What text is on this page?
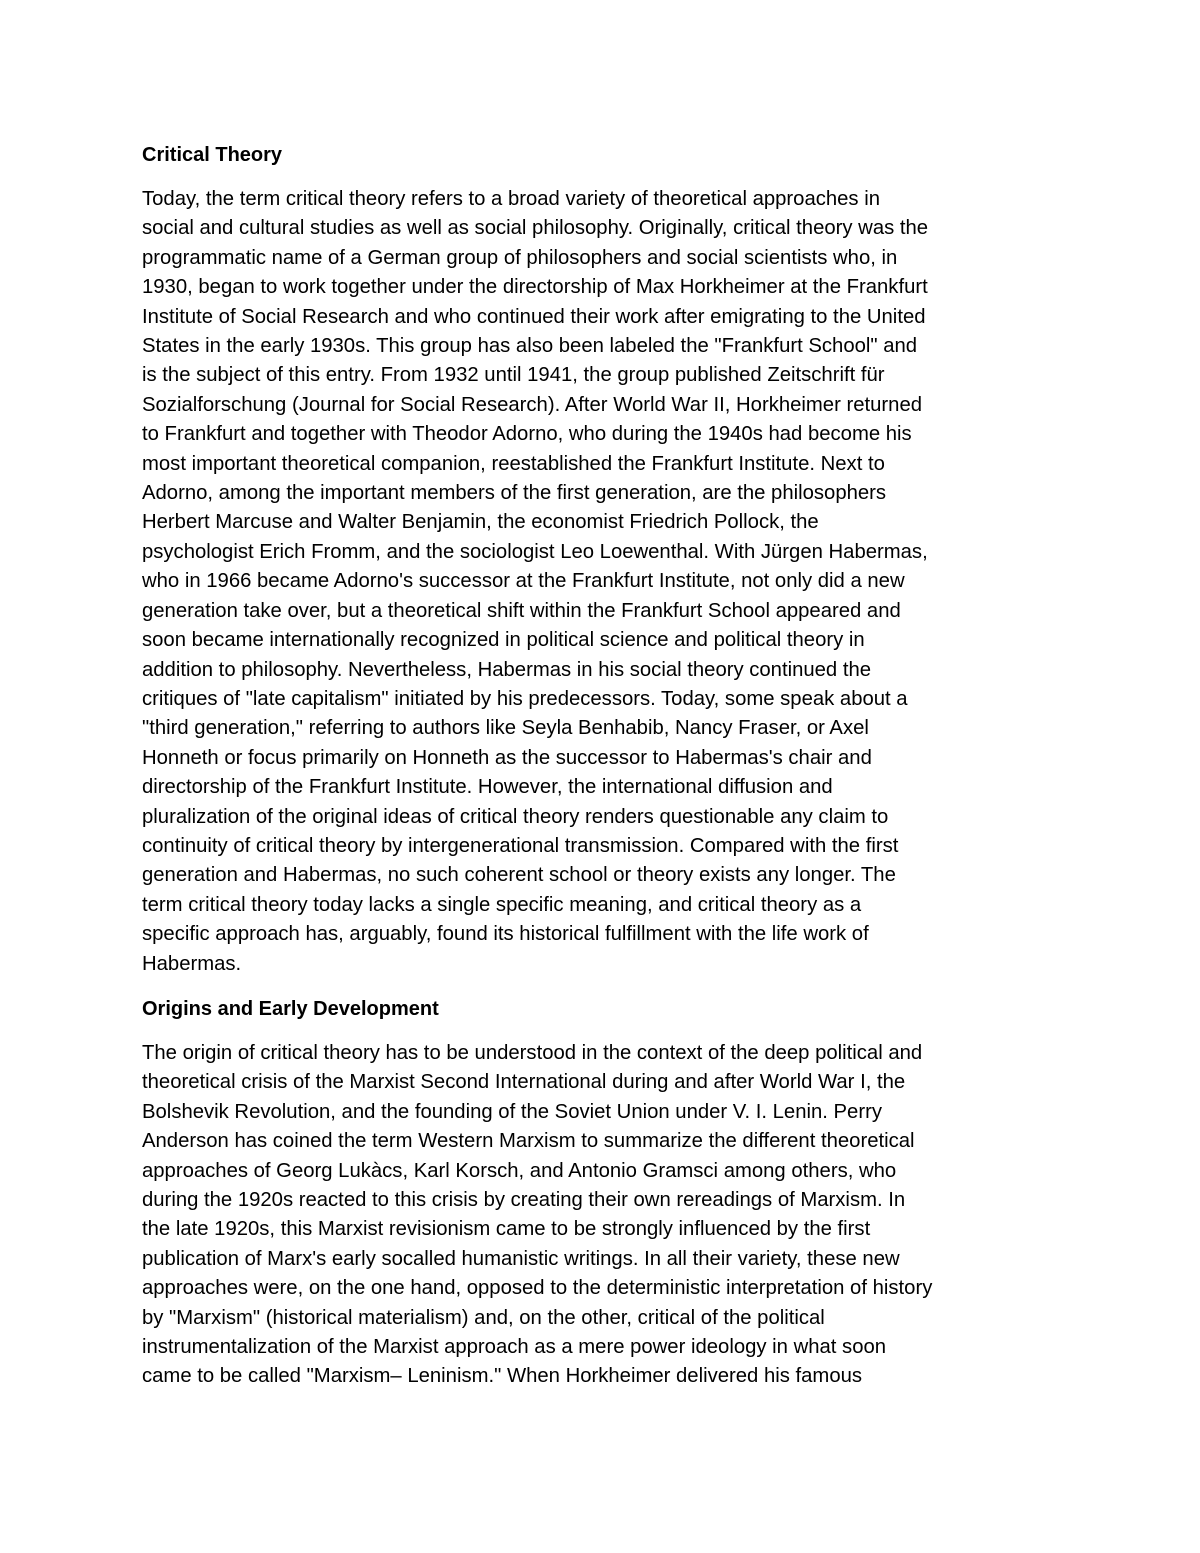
Critical Theory

Today, the term critical theory refers to a broad variety of theoretical approaches in
social and cultural studies as well as social philosophy. Originally, critical theory was the
programmatic name of a German group of philosophers and social scientists who, in
1930, began to work together under the directorship of Max Horkheimer at the Frankfurt
Institute of Social Research and who continued their work after emigrating to the United
States in the early 1930s. This group has also been labeled the "Frankfurt School" and
is the subject of this entry. From 1932 until 1941, the group published Zeitschrift für
Sozialforschung (Journal for Social Research). After World War II, Horkheimer returned
to Frankfurt and together with Theodor Adorno, who during the 1940s had become his
most important theoretical companion, reestablished the Frankfurt Institute. Next to
Adorno, among the important members of the first generation, are the philosophers
Herbert Marcuse and Walter Benjamin, the economist Friedrich Pollock, the
psychologist Erich Fromm, and the sociologist Leo Loewenthal. With Jürgen Habermas,
who in 1966 became Adorno's successor at the Frankfurt Institute, not only did a new
generation take over, but a theoretical shift within the Frankfurt School appeared and
soon became internationally recognized in political science and political theory in
addition to philosophy. Nevertheless, Habermas in his social theory continued the
critiques of "late capitalism" initiated by his predecessors. Today, some speak about a
"third generation," referring to authors like Seyla Benhabib, Nancy Fraser, or Axel
Honneth or focus primarily on Honneth as the successor to Habermas's chair and
directorship of the Frankfurt Institute. However, the international diffusion and
pluralization of the original ideas of critical theory renders questionable any claim to
continuity of critical theory by intergenerational transmission. Compared with the first
generation and Habermas, no such coherent school or theory exists any longer. The
term critical theory today lacks a single specific meaning, and critical theory as a
specific approach has, arguably, found its historical fulfillment with the life work of
Habermas.

Origins and Early Development

The origin of critical theory has to be understood in the context of the deep political and
theoretical crisis of the Marxist Second International during and after World War I, the
Bolshevik Revolution, and the founding of the Soviet Union under V. I. Lenin. Perry
Anderson has coined the term Western Marxism to summarize the different theoretical
approaches of Georg Lukàcs, Karl Korsch, and Antonio Gramsci among others, who
during the 1920s reacted to this crisis by creating their own rereadings of Marxism. In
the late 1920s, this Marxist revisionism came to be strongly influenced by the first
publication of Marx's early socalled humanistic writings. In all their variety, these new
approaches were, on the one hand, opposed to the deterministic interpretation of history
by "Marxism" (historical materialism) and, on the other, critical of the political
instrumentalization of the Marxist approach as a mere power ideology in what soon
came to be called "Marxism– Leninism." When Horkheimer delivered his famous
